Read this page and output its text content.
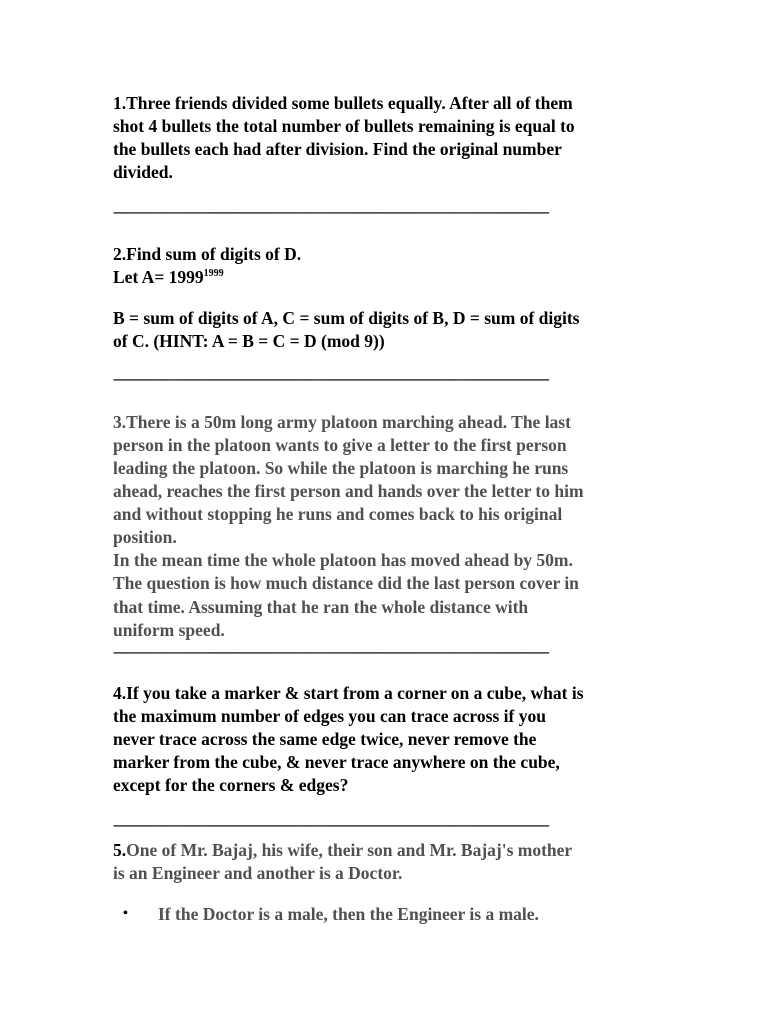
1.Three friends divided some bullets equally. After all of them
shot 4 bullets the total number of bullets remaining is equal to
the bullets each had after division. Find the original number
divided.
----------------------------------------------------------------------------------------------------------------------------
2.Find sum of digits of D.
Let $A= 1999^{1999}$
B = sum of digits of A, C = sum of digits of B, D = sum of digits
of C. (HINT: A = B = C = D (mod 9))
----------------------------------------------------------------------------------------------------------------------------
3.There is a 50m long army platoon marching ahead. The last
person in the platoon wants to give a letter to the first person
leading the platoon. So while the platoon is marching he runs
ahead, reaches the first person and hands over the letter to him
and without stopping he runs and comes back to his original
position.
In the mean time the whole platoon has moved ahead by 50m.
The question is how much distance did the last person cover in
that time. Assuming that he ran the whole distance with
uniform speed.
----------------------------------------------------------------------------------------------------------------------------
4.If you take a marker & start from a corner on a cube, what is
the maximum number of edges you can trace across if you
never trace across the same edge twice, never remove the
marker from the cube, & never trace anywhere on the cube,
except for the corners & edges?
----------------------------------------------------------------------------------------------------------------------------
5.One of Mr. Bajaj, his wife, their son and Mr. Bajaj's mother
is an Engineer and another is a Doctor.
• If the Doctor is a male, then the Engineer is a male.
